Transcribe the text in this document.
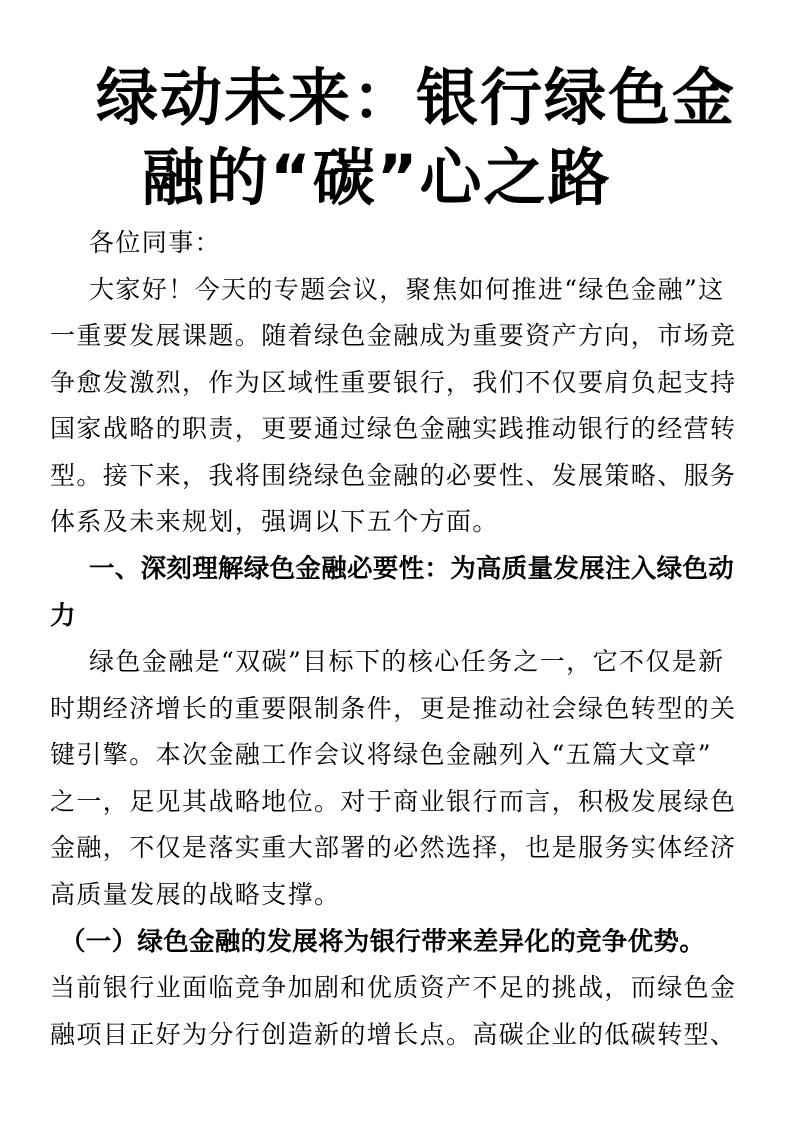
绿动未来：银行绿色金
融的“碳”心之路

各位同事：

大家好！今天的专题会议，聚焦如何推进“绿色金融”这

一重要发展课题。随着绿色金融成为重要资产方向，市场竞

争愈发激烈，作为区域性重要银行，我们不仅要肩负起支持

国家战略的职责，更要通过绿色金融实践推动银行的经营转

型。接下来，我将围绕绿色金融的必要性、发展策略、服务

体系及未来规划，强调以下五个方面。

一、深刻理解绿色金融必要性：为高质量发展注入绿色动

力

绿色金融是“双碳”目标下的核心任务之一，它不仅是新

时期经济增长的重要限制条件，更是推动社会绿色转型的关

键引擎。本次金融工作会议将绿色金融列入“五篇大文章”

之一，足见其战略地位。对于商业银行而言，积极发展绿色

金融，不仅是落实重大部署的必然选择，也是服务实体经济

高质量发展的战略支撑。

（一）绿色金融的发展将为银行带来差异化的竞争优势。

当前银行业面临竞争加剧和优质资产不足的挑战，而绿色金

融项目正好为分行创造新的增长点。高碳企业的低碳转型、
